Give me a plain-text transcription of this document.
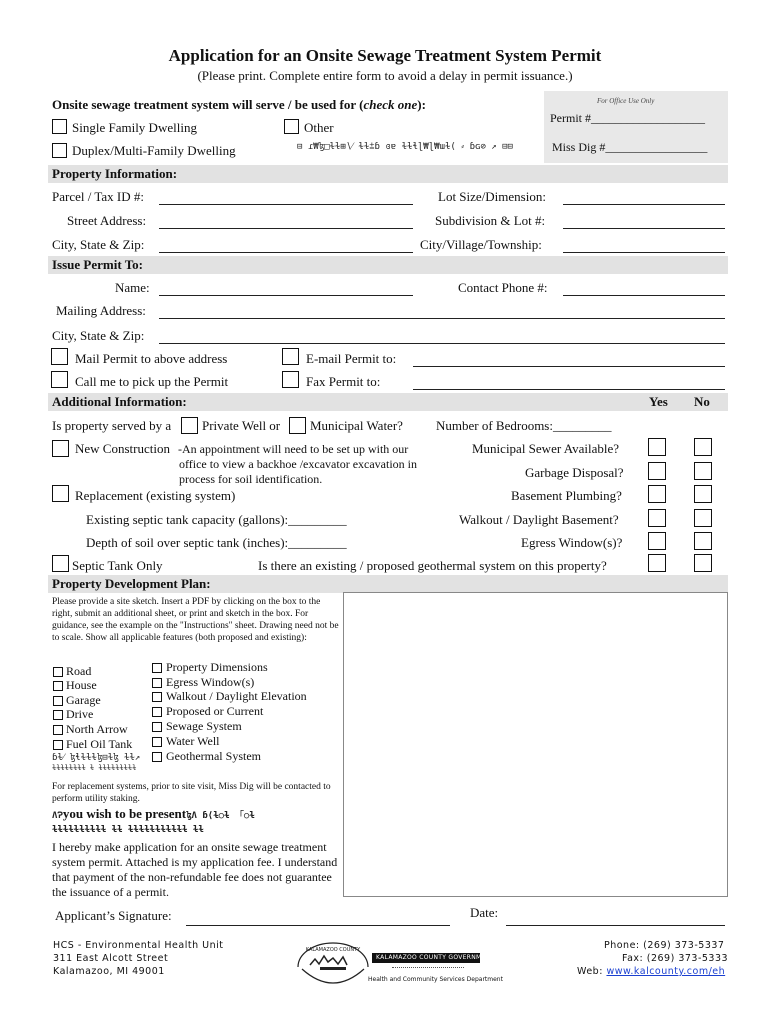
Application for an Onsite Sewage Treatment System Permit
(Please print. Complete entire form to avoid a delay in permit issuance.)
For Office Use Only
Permit #___________________
Miss Dig #_________________
Onsite sewage treatment system will serve / be used for (check one):
Single Family Dwelling	Other
Duplex/Multi-Family Dwelling	⊟ ɾ₩ɮ□ɫɫ⊞∖⁄ ɫɫ⩲ɓ ɞɐ ɫɫɬɭ₩ɭ₩ɯɫ( ⸗ ɓɢ⊘ ↗ ⊟⊟
Property Information:
Parcel / Tax ID #:	Lot Size/Dimension:
Street Address:	Subdivision & Lot #:
City, State & Zip:	City/Village/Township:
Issue Permit To:
Name:	Contact Phone #:
Mailing Address:
City, State & Zip:
Mail Permit to above address	E-mail Permit to:
Call me to pick up the Permit	Fax Permit to:
Additional Information:	Yes No
Is property served by a Private Well or Municipal Water?	Number of Bedrooms:_________
New Construction -An appointment will need to be set up with our
office to view a backhoe /excavator excavation in
process for soil identification.
Municipal Sewer Available?
Garbage Disposal?
Replacement (existing system)	Basement Plumbing?
Existing septic tank capacity (gallons):_________	Walkout / Daylight Basement?
Depth of soil over septic tank (inches):_________	Egress Window(s)?
Septic Tank Only	Is there an existing / proposed geothermal system on this property?
Property Development Plan:
Please provide a site sketch. Insert a PDF by clicking on the box to the right, submit an additional sheet, or print and sketch in the box. For guidance, see the example on the "Instructions" sheet. Drawing need not be to scale. Show all applicable features (both proposed and existing):
Road
House
Garage
Drive
North Arrow
Fuel Oil Tank
ɓɫ⁄ ɮɬɫɫɫɮ⊟ɫɮ ɫɫ↗
ɫɫɫɫɫɫɫɫ ɫ ɫɫɫɫɫɫɫɫɫ
Property Dimensions
Egress Window(s)
Walkout / Daylight Elevation
Proposed or Current
Sewage System
Water Well
Geothermal System
For replacement systems, prior to site visit, Miss Dig will be contacted to perform utility staking.
ɅɁyou wish to be presentɮɅ ɓ⟨ɫ○ɫ 「○ɫ
ɫɫɫɫɫɫɫɫɫɫ ɫɫ ɫɫɫɫɫɫɫɫɫɫɫ ɫɫ
I hereby make application for an onsite sewage treatment system permit. Attached is my application fee. I understand that payment of the non-refundable fee does not guarantee the issuance of a permit.
Applicant’s Signature:	Date:
HCS - Environmental Health Unit
311 East Alcott Street
Kalamazoo, MI 49001
KALAMAZOO COUNTY
KALAMAZOO COUNTY GOVERNMENT
Health and Community Services Department
Phone: (269) 373-5337
Fax: (269) 373-5333
Web: www.kalcounty.com/eh
